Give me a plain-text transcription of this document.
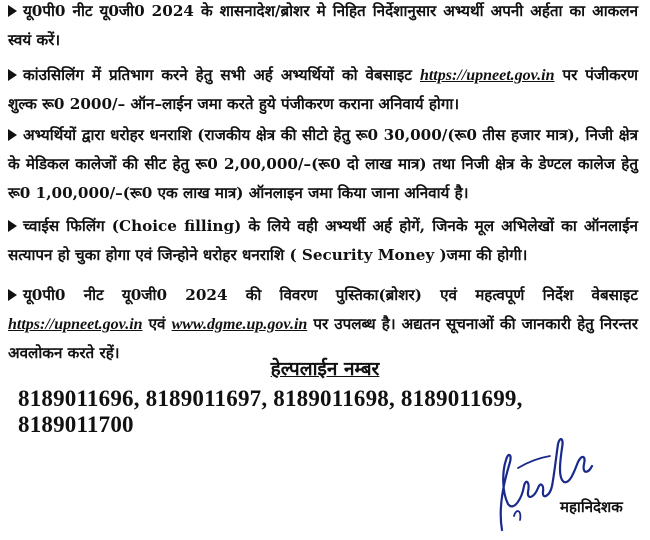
यू0पी0 नीट यू0जी0 2024 के शासनादेश/ब्रोशर मे निहित निर्देशानुसार अभ्यर्थी अपनी अर्हता का आकलन स्वयं करें।
कांउसिलिंग में प्रतिभाग करने हेतु सभी अर्ह अभ्यर्थियों को वेबसाइट https://upneet.gov.in पर पंजीकरण शुल्क रू0 2000/– ऑन–लाईन जमा करते हुये पंजीकरण कराना अनिवार्य होगा।
अभ्यर्थियों द्वारा धरोहर धनराशि (राजकीय क्षेत्र की सीटो हेतु रू0 30,000/(रू0 तीस हजार मात्र), निजी क्षेत्र के मेडिकल कालेजों की सीट हेतु रू0 2,00,000/–(रू0 दो लाख मात्र) तथा निजी क्षेत्र के डेण्टल कालेज हेतु रू0 1,00,000/–(रू0 एक लाख मात्र) ऑनलाइन जमा किया जाना अनिवार्य है।
च्वाईस फिलिंग (Choice filling) के लिये वही अभ्यर्थी अर्ह होगें, जिनके मूल अभिलेखों का ऑनलाईन सत्यापन हो चुका होगा एवं जिन्होने धरोहर धनराशि ( Security Money )जमा की होगी।
यू0पी0 नीट यू0जी0 2024 की विवरण पुस्तिका(ब्रोशर) एवं महत्वपूर्ण निर्देश वेबसाइट https://upneet.gov.in एवं www.dgme.up.gov.in पर उपलब्ध है। अद्यतन सूचनाओं की जानकारी हेतु निरन्तर अवलोकन करते रहें।
हेल्पलाईन नम्बर
8189011696, 8189011697, 8189011698, 8189011699, 8189011700
महानिदेशक
